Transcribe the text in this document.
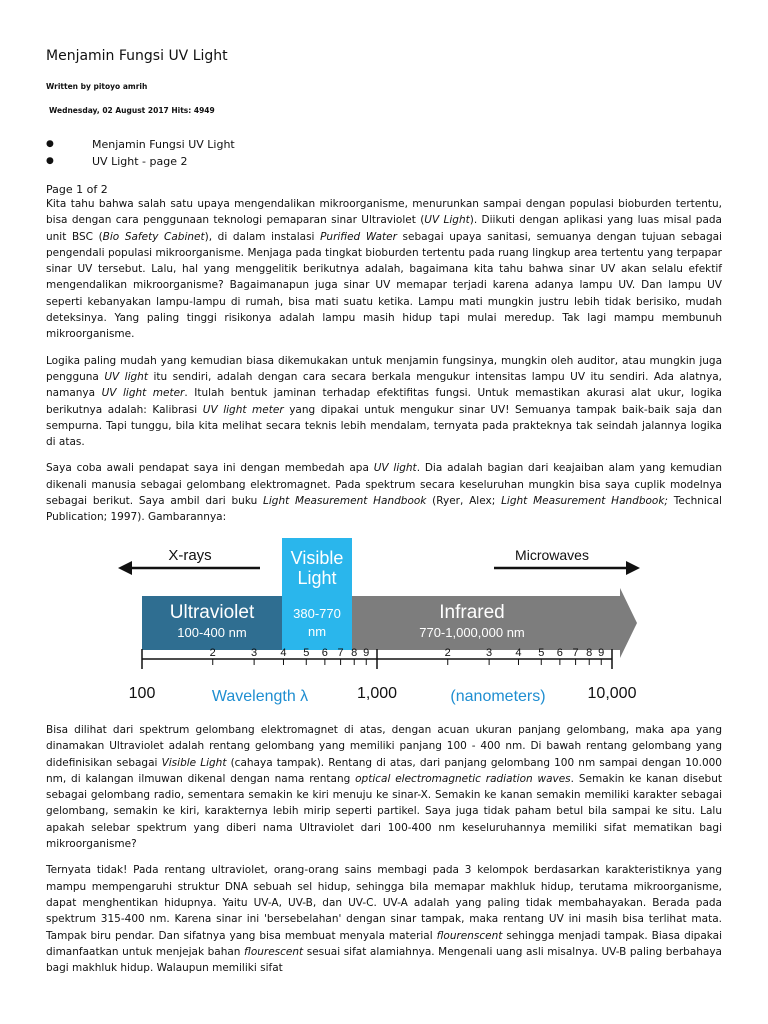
Menjamin Fungsi UV Light
Written by pitoyo amrih
Wednesday, 02 August 2017 Hits: 4949
●	Menjamin Fungsi UV Light
●	UV Light - page 2
Page 1 of 2

Kita tahu bahwa salah satu upaya mengendalikan mikroorganisme, menurunkan sampai dengan populasi bioburden tertentu, bisa dengan cara penggunaan teknologi pemaparan sinar Ultraviolet (UV Light). Diikuti dengan aplikasi yang luas misal pada unit BSC (Bio Safety Cabinet), di dalam instalasi Purified Water sebagai upaya sanitasi, semuanya dengan tujuan sebagai pengendali populasi mikroorganisme. Menjaga pada tingkat bioburden tertentu pada ruang lingkup area tertentu yang terpapar sinar UV tersebut. Lalu, hal yang menggelitik berikutnya adalah, bagaimana kita tahu bahwa sinar UV akan selalu efektif mengendalikan mikroorganisme? Bagaimanapun juga sinar UV memapar terjadi karena adanya lampu UV. Dan lampu UV seperti kebanyakan lampu-lampu di rumah, bisa mati suatu ketika. Lampu mati mungkin justru lebih tidak berisiko, mudah deteksinya. Yang paling tinggi risikonya adalah lampu masih hidup tapi mulai meredup. Tak lagi mampu membunuh mikroorganisme.

Logika paling mudah yang kemudian biasa dikemukakan untuk menjamin fungsinya, mungkin oleh auditor, atau mungkin juga pengguna UV light itu sendiri, adalah dengan cara secara berkala mengukur intensitas lampu UV itu sendiri. Ada alatnya, namanya UV light meter. Itulah bentuk jaminan terhadap efektifitas fungsi. Untuk memastikan akurasi alat ukur, logika berikutnya adalah: Kalibrasi UV light meter yang dipakai untuk mengukur sinar UV! Semuanya tampak baik-baik saja dan sempurna. Tapi tunggu, bila kita melihat secara teknis lebih mendalam, ternyata pada prakteknya tak seindah jalannya logika di atas.

Saya coba awali pendapat saya ini dengan membedah apa UV light. Dia adalah bagian dari keajaiban alam yang kemudian dikenali manusia sebagai gelombang elektromagnet. Pada spektrum secara keseluruhan mungkin bisa saya cuplik modelnya sebagai berikut. Saya ambil dari buku Light Measurement Handbook (Ryer, Alex; Light Measurement Handbook; Technical Publication; 1997). Gambarannya:

X-rays	Microwaves
Visible
Light
Ultraviolet
100-400 nm
380-770
nm
Infrared
770-1,000,000 nm
2	3 4 5 6 7 8 9	2	3 4 5 6 7 8 9
100	1,000	10,000
Wavelength λ	(nanometers)

Bisa dilihat dari spektrum gelombang elektromagnet di atas, dengan acuan ukuran panjang gelombang, maka apa yang dinamakan Ultraviolet adalah rentang gelombang yang memiliki panjang 100 - 400 nm. Di bawah rentang gelombang yang didefinisikan sebagai Visible Light (cahaya tampak). Rentang di atas, dari panjang gelombang 100 nm sampai dengan 10.000 nm, di kalangan ilmuwan dikenal dengan nama rentang optical electromagnetic radiation waves. Semakin ke kanan disebut sebagai gelombang radio, sementara semakin ke kiri menuju ke sinar-X. Semakin ke kanan semakin memiliki karakter sebagai gelombang, semakin ke kiri, karakternya lebih mirip seperti partikel. Saya juga tidak paham betul bila sampai ke situ. Lalu apakah selebar spektrum yang diberi nama Ultraviolet dari 100-400 nm keseluruhannya memiliki sifat mematikan bagi mikroorganisme?

Ternyata tidak! Pada rentang ultraviolet, orang-orang sains membagi pada 3 kelompok berdasarkan karakteristiknya yang mampu mempengaruhi struktur DNA sebuah sel hidup, sehingga bila memapar makhluk hidup, terutama mikroorganisme, dapat menghentikan hidupnya. Yaitu UV-A, UV-B, dan UV-C. UV-A adalah yang paling tidak membahayakan. Berada pada spektrum 315-400 nm. Karena sinar ini 'bersebelahan' dengan sinar tampak, maka rentang UV ini masih bisa terlihat mata. Tampak biru pendar. Dan sifatnya yang bisa membuat menyala material flourenscent sehingga menjadi tampak. Biasa dipakai dimanfaatkan untuk menjejak bahan flourescent sesuai sifat alamiahnya. Mengenali uang asli misalnya. UV-B paling berbahaya bagi makhluk hidup. Walaupun memiliki sifat
